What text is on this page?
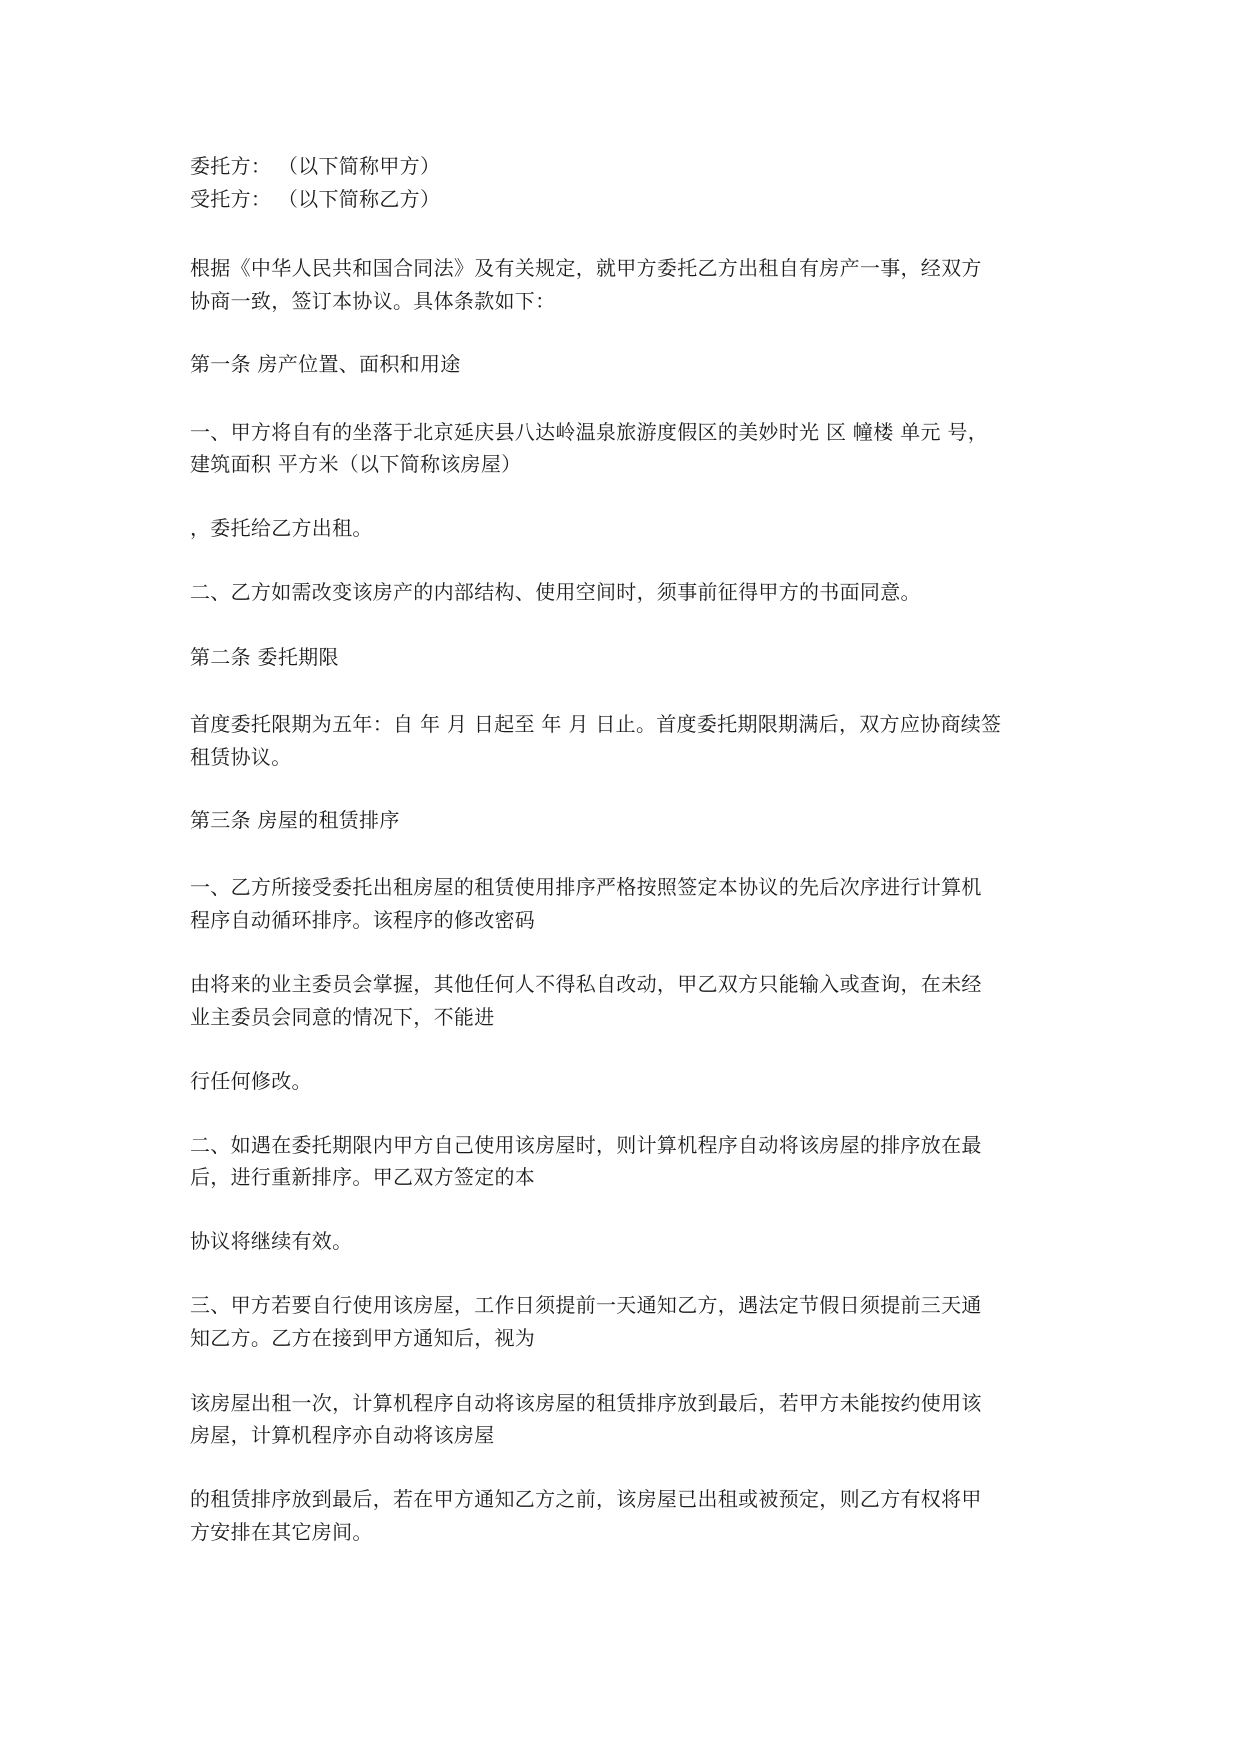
委托方： （以下简称甲方）
受托方： （以下简称乙方）
根据《中华人民共和国合同法》及有关规定，就甲方委托乙方出租自有房产一事，经双方
协商一致，签订本协议。具体条款如下：
第一条 房产位置、面积和用途
一、甲方将自有的坐落于北京延庆县八达岭温泉旅游度假区的美妙时光 区 幢楼 单元 号，
建筑面积 平方米（以下简称该房屋）
，委托给乙方出租。
二、乙方如需改变该房产的内部结构、使用空间时，须事前征得甲方的书面同意。
第二条 委托期限
首度委托限期为五年：自 年 月 日起至 年 月 日止。首度委托期限期满后，双方应协商续签
租赁协议。
第三条 房屋的租赁排序
一、乙方所接受委托出租房屋的租赁使用排序严格按照签定本协议的先后次序进行计算机
程序自动循环排序。该程序的修改密码
由将来的业主委员会掌握，其他任何人不得私自改动，甲乙双方只能输入或查询，在未经
业主委员会同意的情况下，不能进
行任何修改。
二、如遇在委托期限内甲方自己使用该房屋时，则计算机程序自动将该房屋的排序放在最
后，进行重新排序。甲乙双方签定的本
协议将继续有效。
三、甲方若要自行使用该房屋，工作日须提前一天通知乙方，遇法定节假日须提前三天通
知乙方。乙方在接到甲方通知后，视为
该房屋出租一次，计算机程序自动将该房屋的租赁排序放到最后，若甲方未能按约使用该
房屋，计算机程序亦自动将该房屋
的租赁排序放到最后，若在甲方通知乙方之前，该房屋已出租或被预定，则乙方有权将甲
方安排在其它房间。
